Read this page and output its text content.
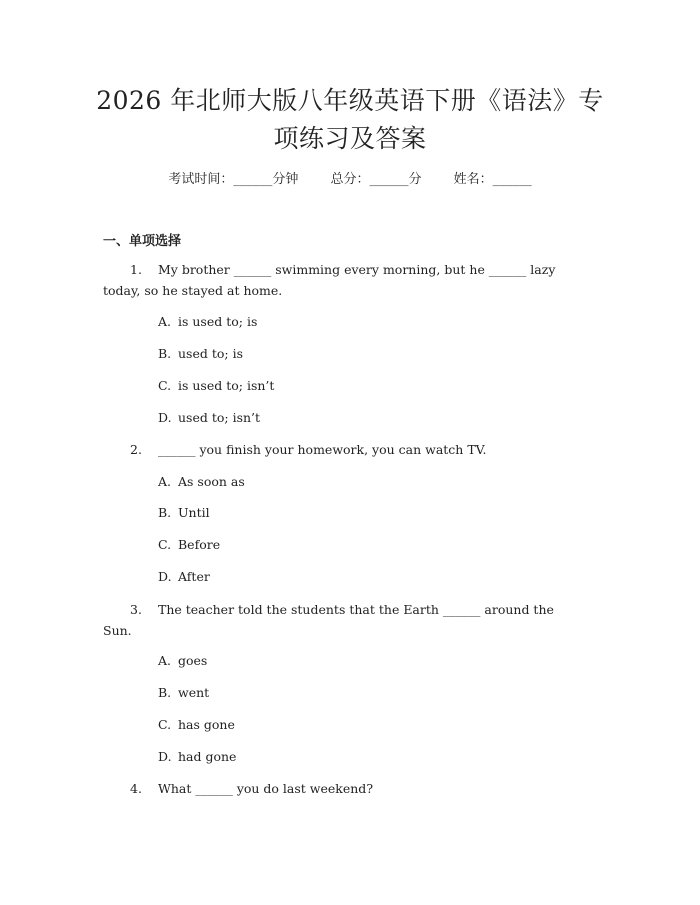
2026 年北师大版八年级英语下册《语法》专
项练习及答案
考试时间：______分钟 总分：______分 姓名：______
一、单项选择
1. My brother ______ swimming every morning, but he ______ lazy
today, so he stayed at home.
A. is used to; is
B. used to; is
C. is used to; isn’t
D. used to; isn’t
2. ______ you finish your homework, you can watch TV.
A. As soon as
B. Until
C. Before
D. After
3. The teacher told the students that the Earth ______ around the
Sun.
A. goes
B. went
C. has gone
D. had gone
4. What ______ you do last weekend?
